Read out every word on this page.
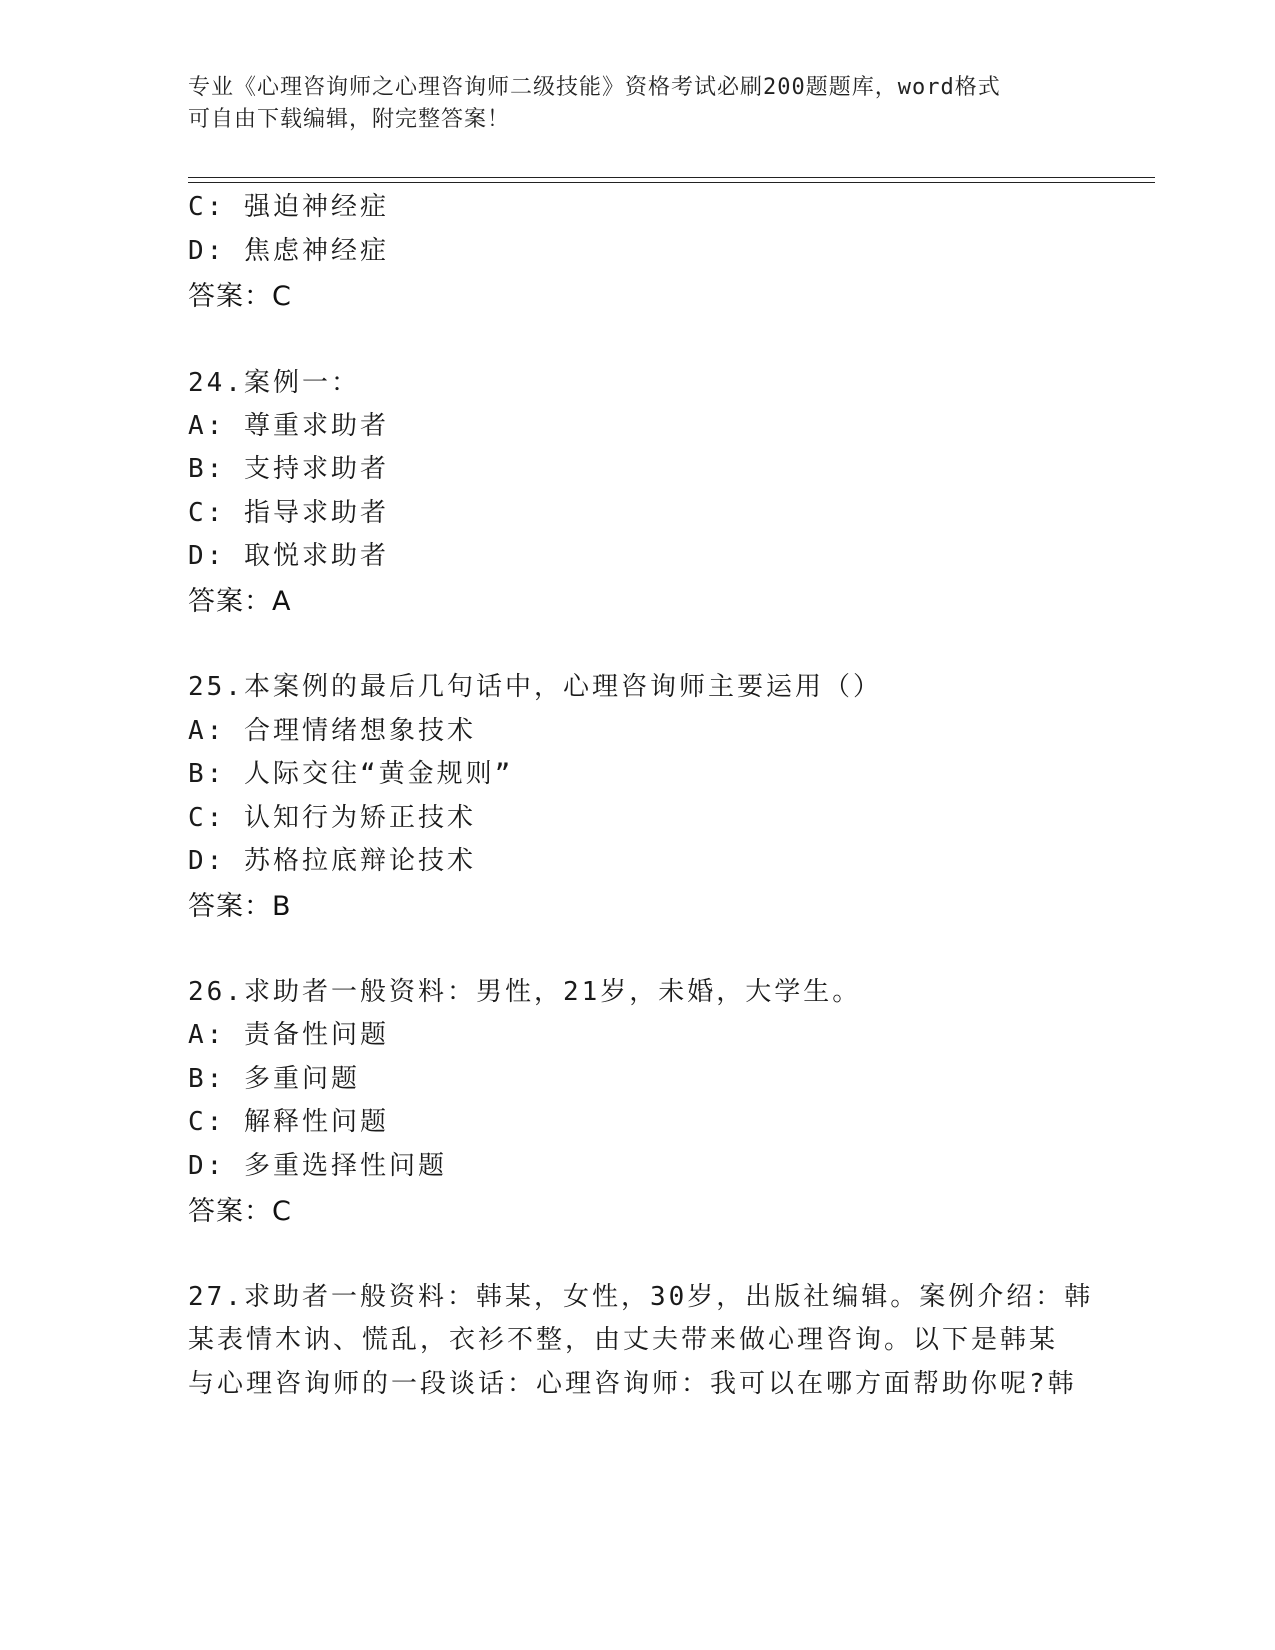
专业《心理咨询师之心理咨询师二级技能》资格考试必刷200题题库，word格式
可自由下载编辑，附完整答案！
C: 强迫神经症
D: 焦虑神经症
答案：C
24.案例一：
A: 尊重求助者
B: 支持求助者
C: 指导求助者
D: 取悦求助者
答案：A
25.本案例的最后几句话中，心理咨询师主要运用（）
A: 合理情绪想象技术
B: 人际交往“黄金规则”
C: 认知行为矫正技术
D: 苏格拉底辩论技术
答案：B
26.求助者一般资料：男性，21岁，未婚，大学生。
A: 责备性问题
B: 多重问题
C: 解释性问题
D: 多重选择性问题
答案：C
27.求助者一般资料：韩某，女性，30岁，出版社编辑。案例介绍：韩
某表情木讷、慌乱，衣衫不整，由丈夫带来做心理咨询。以下是韩某
与心理咨询师的一段谈话：心理咨询师：我可以在哪方面帮助你呢?韩
